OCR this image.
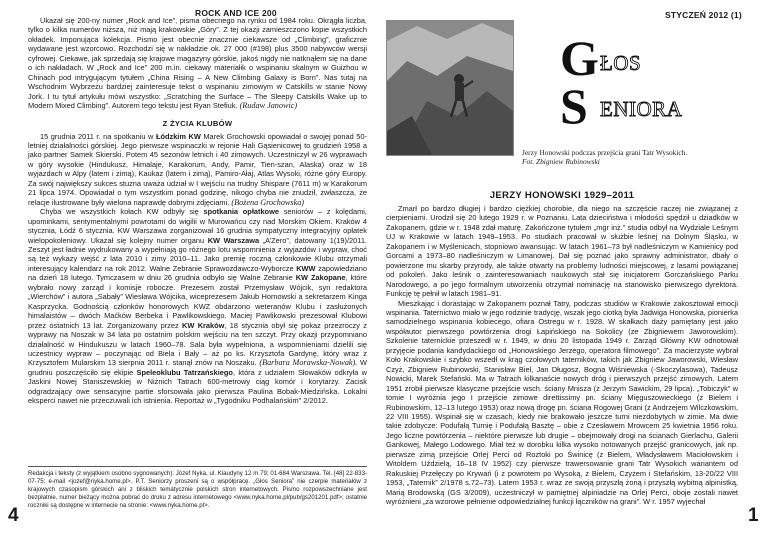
ROCK AND ICE 200	STYCZEŃ 2012 (1)

Ukazał się 200-ny numer „Rock and Ice”, pisma obecnego na rynku od 1984 roku. Okrągła liczba, tylko o kilka numerów niższa, niż mają krakowskie „Góry”. Z tej okazji zamieszczono kopie wszystkich okładek. Imponująca kolekcja. Pismo jest obecnie znacznie ciekawsze od „Climbing”, graficznie wydawane jest wzorcowo. Rozchodzi się w nakładzie ok. 27 000 (#198) plus 3500 nabywców wersji cyfrowej. Ciekawe, jak sprzedają się krajowe magazyny górskie, jakoś nigdy nie natknąłem się na dane o ich nakładach. W „Rock and Ice” 200 m.in. ciekawy materiałik o wspinaniu skalnym w Guizhou w Chinach pod intrygującym tytułem „China Rising – A New Climbing Galaxy is Born”. Nas tutaj na Wschodnim Wybrzeżu bardziej zainteresuje tekst o wspinaniu zimowym w Catskills w stanie Nowy Jork. I tu tytuł artykułu mówi wszystko: „Scratching the Surface – The Sleepy Catskills Wake up to Modern Mixed Climbing”. Autorem tego tekstu jest Ryan Stefiuk. (Rudaw Janowic)

Z ŻYCIA KLUBÓW

15 grudnia 2011 r. na spotkaniu w Łódzkim KW Marek Grochowski opowiadał o swojej ponad 50-letniej działalności górskiej. Jego pierwsze wspinaczki w rejonie Hali Gąsienicowej to grudzień 1958 a jako partner Samek Skierski. Potem 45 sezonów letnich i 40 zimowych. Uczestniczył w 26 wyprawach w góry wysokie (Hindukusz, Himalaje, Karakorum, Andy, Pamir, Tien-szan, Alaska) oraz w 18 wyjazdach w Alpy (latem i zimą), Kaukaz (latem i zimą), Pamiro-Ałaj, Atlas Wysoki, różne góry Europy. Za swój największy sukces stuzna uważa udział w I wejściu na trudny Shispare (7611 m) w Karakorum 21 lipca 1974. Opowiadał o tym wszystkim ponad godzinę, nikogo chyba nie znudził, zwłaszcza, że relacje ilustrowane były wielona naprawdę dobrymi zdjęciami. (Bożena Grochowska)

Chyba we wszystkich kołach KW odbyły się spotkania opłatkowe seniorów – z kolędami, upominkami, sentymentalnymi powrotami do wigilii w Murowańcu czy nad Morskim Okiem. Kraków 4 stycznia, Łódź 6 stycznia. KW Warszawa zorganizował 16 grudnia sympatyczny integracyjny opłatek wielopokoleniowy. Ukazał się kolejny numer organu KW Warszawa „A’Zero”, datowany 1(19)/2011. Zeszyt jest ładnie wydrukowany a wypełniają go różnego lotu wspomnienia z wyjazdów i wypraw, choć są też wykazy wejść z lata 2010 i zimy 2010–11. Jako premię roczną członkowie Klubu otrzymali interesujący kalendarz na rok 2012. Walne Zebranie Sprawozdawczo-Wyborcze KWW zapowiedziano na dzień 18 lutego. Tymczasem w dniu 26 grudnia odbyło się Walne Zebranie KW Zakopane, które wybrało nowy zarząd i komisje robocze. Prezesem został Przemysław Wójcik, syn redaktora „Wierchów” i autora „Sabały” Wiesława Wójcika, wiceprezesem Jakub Hornowski a sekretarzem Kinga Kasprzycka. Godnością członków honorowych KWZ obdarzono weteranów Klubu i zasłużonych himalaistów – dwóch Maćków Berbeka i Pawlikowskiego. Maciej Pawlikowski prezesował Klubowi przez ostatnich 13 lat. Zorganizowany przez KW Kraków, 18 stycznia obył się pokaz przezroczy z wyprawy na Noszak w 34 lata po ostatnim polskim wejściu na ten szczyt. Przy okazji przypomniano działalność w Hindukuszu w latach 1960–78. Sala była wypełniona, a wspomnieniami dzielili się uczestnicy wypraw – poczynając od Biela i Bały – aż po ks. Krzysztofa Gardynę, który wraz z Krzysztofem Mularskim 13 sierpnia 2011 r. stanął znów na Noszaku. (Barbara Morawska-Nowak). W grudniu poszczęściło się ekipie Speleoklubu Tatrzańskiego, która z udziałem Słowaków odkryła w Jaskini Nowej Staniszewskiej w Niżnich Tatrach 600-metrowy ciąg komór i korytarzy. Zacisk odgradzający owe sensacyjne partie sforsowała jako pierwsza Paulina Bobak-Miedzińska. Lokalni eksperci nawet nie przeczuwali ich istnienia. Reportaż w „Tygodniku Podhalańskim” 2/2012.

Redakcja i teksty (z wyjątkiem osobno sygnowanych): Józef Nyka, ul. Klaudyny 12 m 79; 01-684 Warszawa. Tel. [48] 22-833-07-75; e-mail <jozef@nyka.home.pl>. P.T. Seniorzy proszeni są o współpracę. „Głos Seniora” nie czerpie materiałów z krajowych czasopism górskich ani z bliskich tematycznie polskich stron internetowych. Pismo rozpowszechniane jest bezpłatnie, numer bieżący można pobrać do druku z adresu internetowego <www.nyka.home.pl/pub/gs201201.pdf>; ostatnie roczniki są dostępne w internecie na stronie: <www.nyka.home.pl>.

4	1
G ŁOS
S ENIORA
Jerzy Honowski podczas przejścia grani Tatr Wysokich.
Fot. Zbigniew Rubinowski
JERZY HONOWSKI 1929–2011

Zmarł po bardzo długiej i bardzo ciężkiej chorobie, dla niego na szczęście raczej nie związanej z cierpieniami. Urodził się 20 lutego 1929 r. w Poznaniu. Lata dzieciństwa i młodości spędził u dziadków w Zakopanem, gdzie w r. 1948 zdał maturę. Zakończone tytułem „mgr inż.” studia odbył na Wydziale Leśnym UJ w Krakowie w latach 1949–1953. Po studiach pracował w służbie leśnej na Dolnym Śląsku, w Zakopanem i w Myślenicach, stopniowo awansując. W latach 1961–73 był nadleśniczym w Kamienicy pod Gorcami a 1973–80 nadleśniczym w Limanowej. Dał się poznać jako sprawny administrator, dbały o powierzone mu skarby przyrody, ale także otwarty na problemy ludności miejscowej, z lasami powiązanej od pokoleń. Jako leśnik o zainteresowaniach naukowych stał się inicjatorem Gorczańskiego Parku Narodowego, a po jego formalnym utworzeniu otrzymał nominację na stanowisko pierwszego dyrektora. Funkcję tę pełnił w latach 1981–91.

Mieszkając i dorastając w Zakopanem poznał Tatry, podczas studiów w Krakowie zakosztował emocji wspinania. Taternictwo miało w jego rodzinie tradycję, wszak jego ciotką była Jadwiga Honowska, pionierka samodzielnego wspinania kobiecego, ofiara Ostregu w r. 1928. W skałkach daży pamiętany jest jako współautor pierwszego powtórzenia drogi Łapińskiego na Sokolicy (ze Zbigniewem Jaworowskim). Szkolenie taternickie przeszedł w r. 1949, w dniu 20 listopada 1949 r. Zarząd Główny KW odnotował przyjęcie podania kandydackiego od „Honowskiego Jerzego, operatora filmowego”. Za macierzyste wybrał Koło Krakowskie i szybko wszedł w krąg czołowych taterników, takich jak Zbigniew Jaworowski, Wiesław Czyż, Zbigniew Rubinowski, Stanisław Biel, Jan Długosz, Bogna Wiśniewska (-Skoczylasowa), Tadeusz Nowicki, Marek Stefański. Ma w Tatrach kilkanaście nowych dróg i pierwszych przejść zimowych. Latem 1951 zrobił pierwsze klasyczne przejście wsch. ściany Mnisza (z Jerzym Sawickim, 29 lipca). „Tobiczyk” w tomie I wyróżnia jego I przejście zimowe direttissimy pn. ściany Mięguszowieckiego (z Bielem i Rubinowskim, 12–13 lutego 1953) oraz nową drogę pn. ściana Rogowej Grani (z Andrzejem Wilczkowskim, 22 VIII 1955). Wspinał się w czasach, kiedy nie brakowało jeszcze turni niezdobytych w zimie. Ma dwie takie zdobycze: Podufałą Turnię i Podufałą Basztę – obie z Czesławem Mrowcem 25 kwietnia 1956 roku. Jego liczne powtórzenia – niektóre pierwsze lub drugie – obejmowały drogi na ścianach Gierlachu, Galerii Gankowej, Małego Lodowego. Miał też w dorobku kilka wysoko notowanych przejść granicowych, jak np. pierwsze zimą przejście Orlej Perci od Roztoki po Świnicę (z Bielem, Władysławem Maciołowskim i Witoldem Uździelą, 16–18 IV 1952) czy pierwsze trawersowanie grani Tatr Wysokich wariantem od Rakuskiej Przełęczy po Krywań (i z powrotem po Wysoką, z Bielem, Czyżem i Stefańskim, 13-20/22 VIII 1953, „Taternik” 2/1978 s.72–73). Latem 1953 r. wraz ze swoją przyszłą żoną i przyszłą wybitną alpinistką, Marią Brodowską (GS 3/2009), uczestniczył w pamiętnej alpiniadzie na Orlej Perci, oboje zostali nawet wyróżnieni „za wzorowe pełnienie odpowiedzialnej funkcji łączników na grani”. W r. 1957 wyjechał
